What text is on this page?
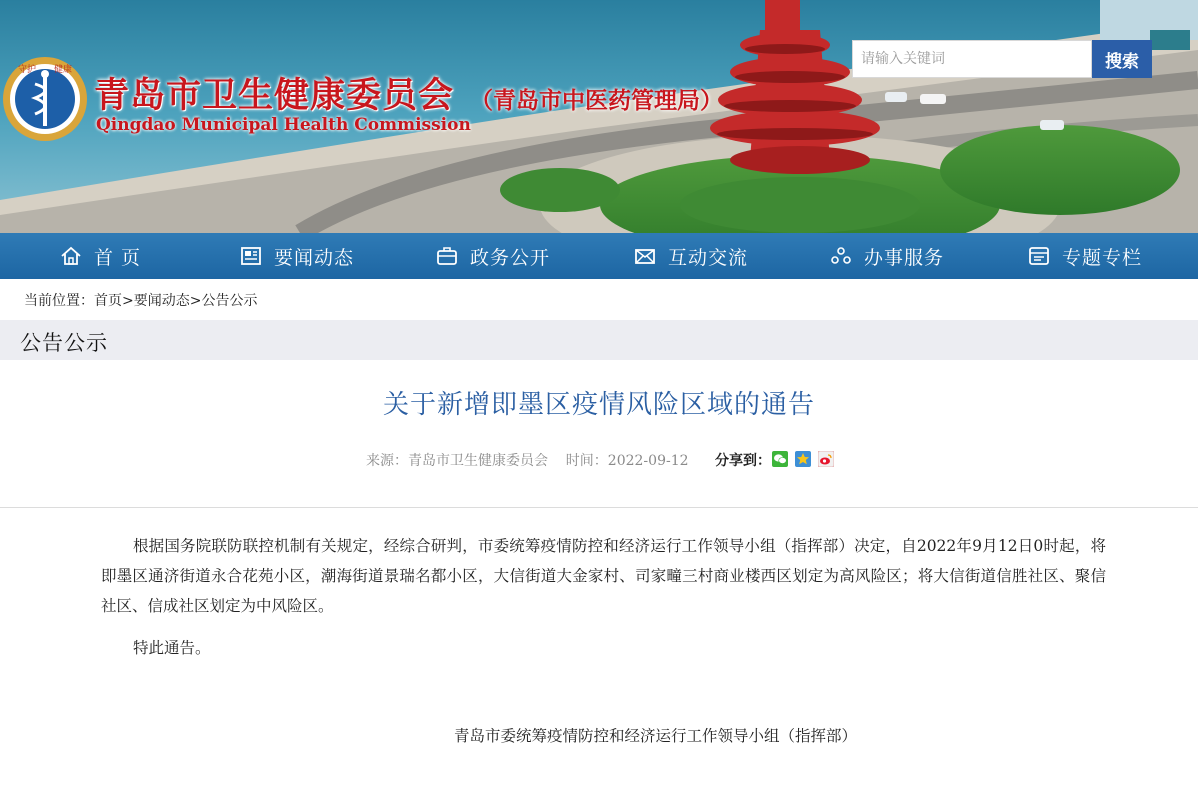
守护 健康
青岛市卫生健康委员会 （青岛市中医药管理局）
Qingdao Municipal Health Commission
请输入关键词
搜索
首 页	要闻动态	政务公开	互动交流	办事服务	专题专栏
当前位置：首页>要闻动态>公告公示
公告公示
关于新增即墨区疫情风险区域的通告
来源：青岛市卫生健康委员会    时间：2022-09-12 分享到：

根据国务院联防联控机制有关规定，经综合研判，市委统筹疫情防控和经济运行工作领导小组（指挥部）决定，自2022年9月12日0时起，将即墨区通济街道永合花苑小区，潮海街道景瑞名都小区，大信街道大金家村、司家疃三村商业楼西区划定为高风险区；将大信街道信胜社区、聚信社区、信成社区划定为中风险区。

特此通告。

青岛市委统筹疫情防控和经济运行工作领导小组（指挥部）
